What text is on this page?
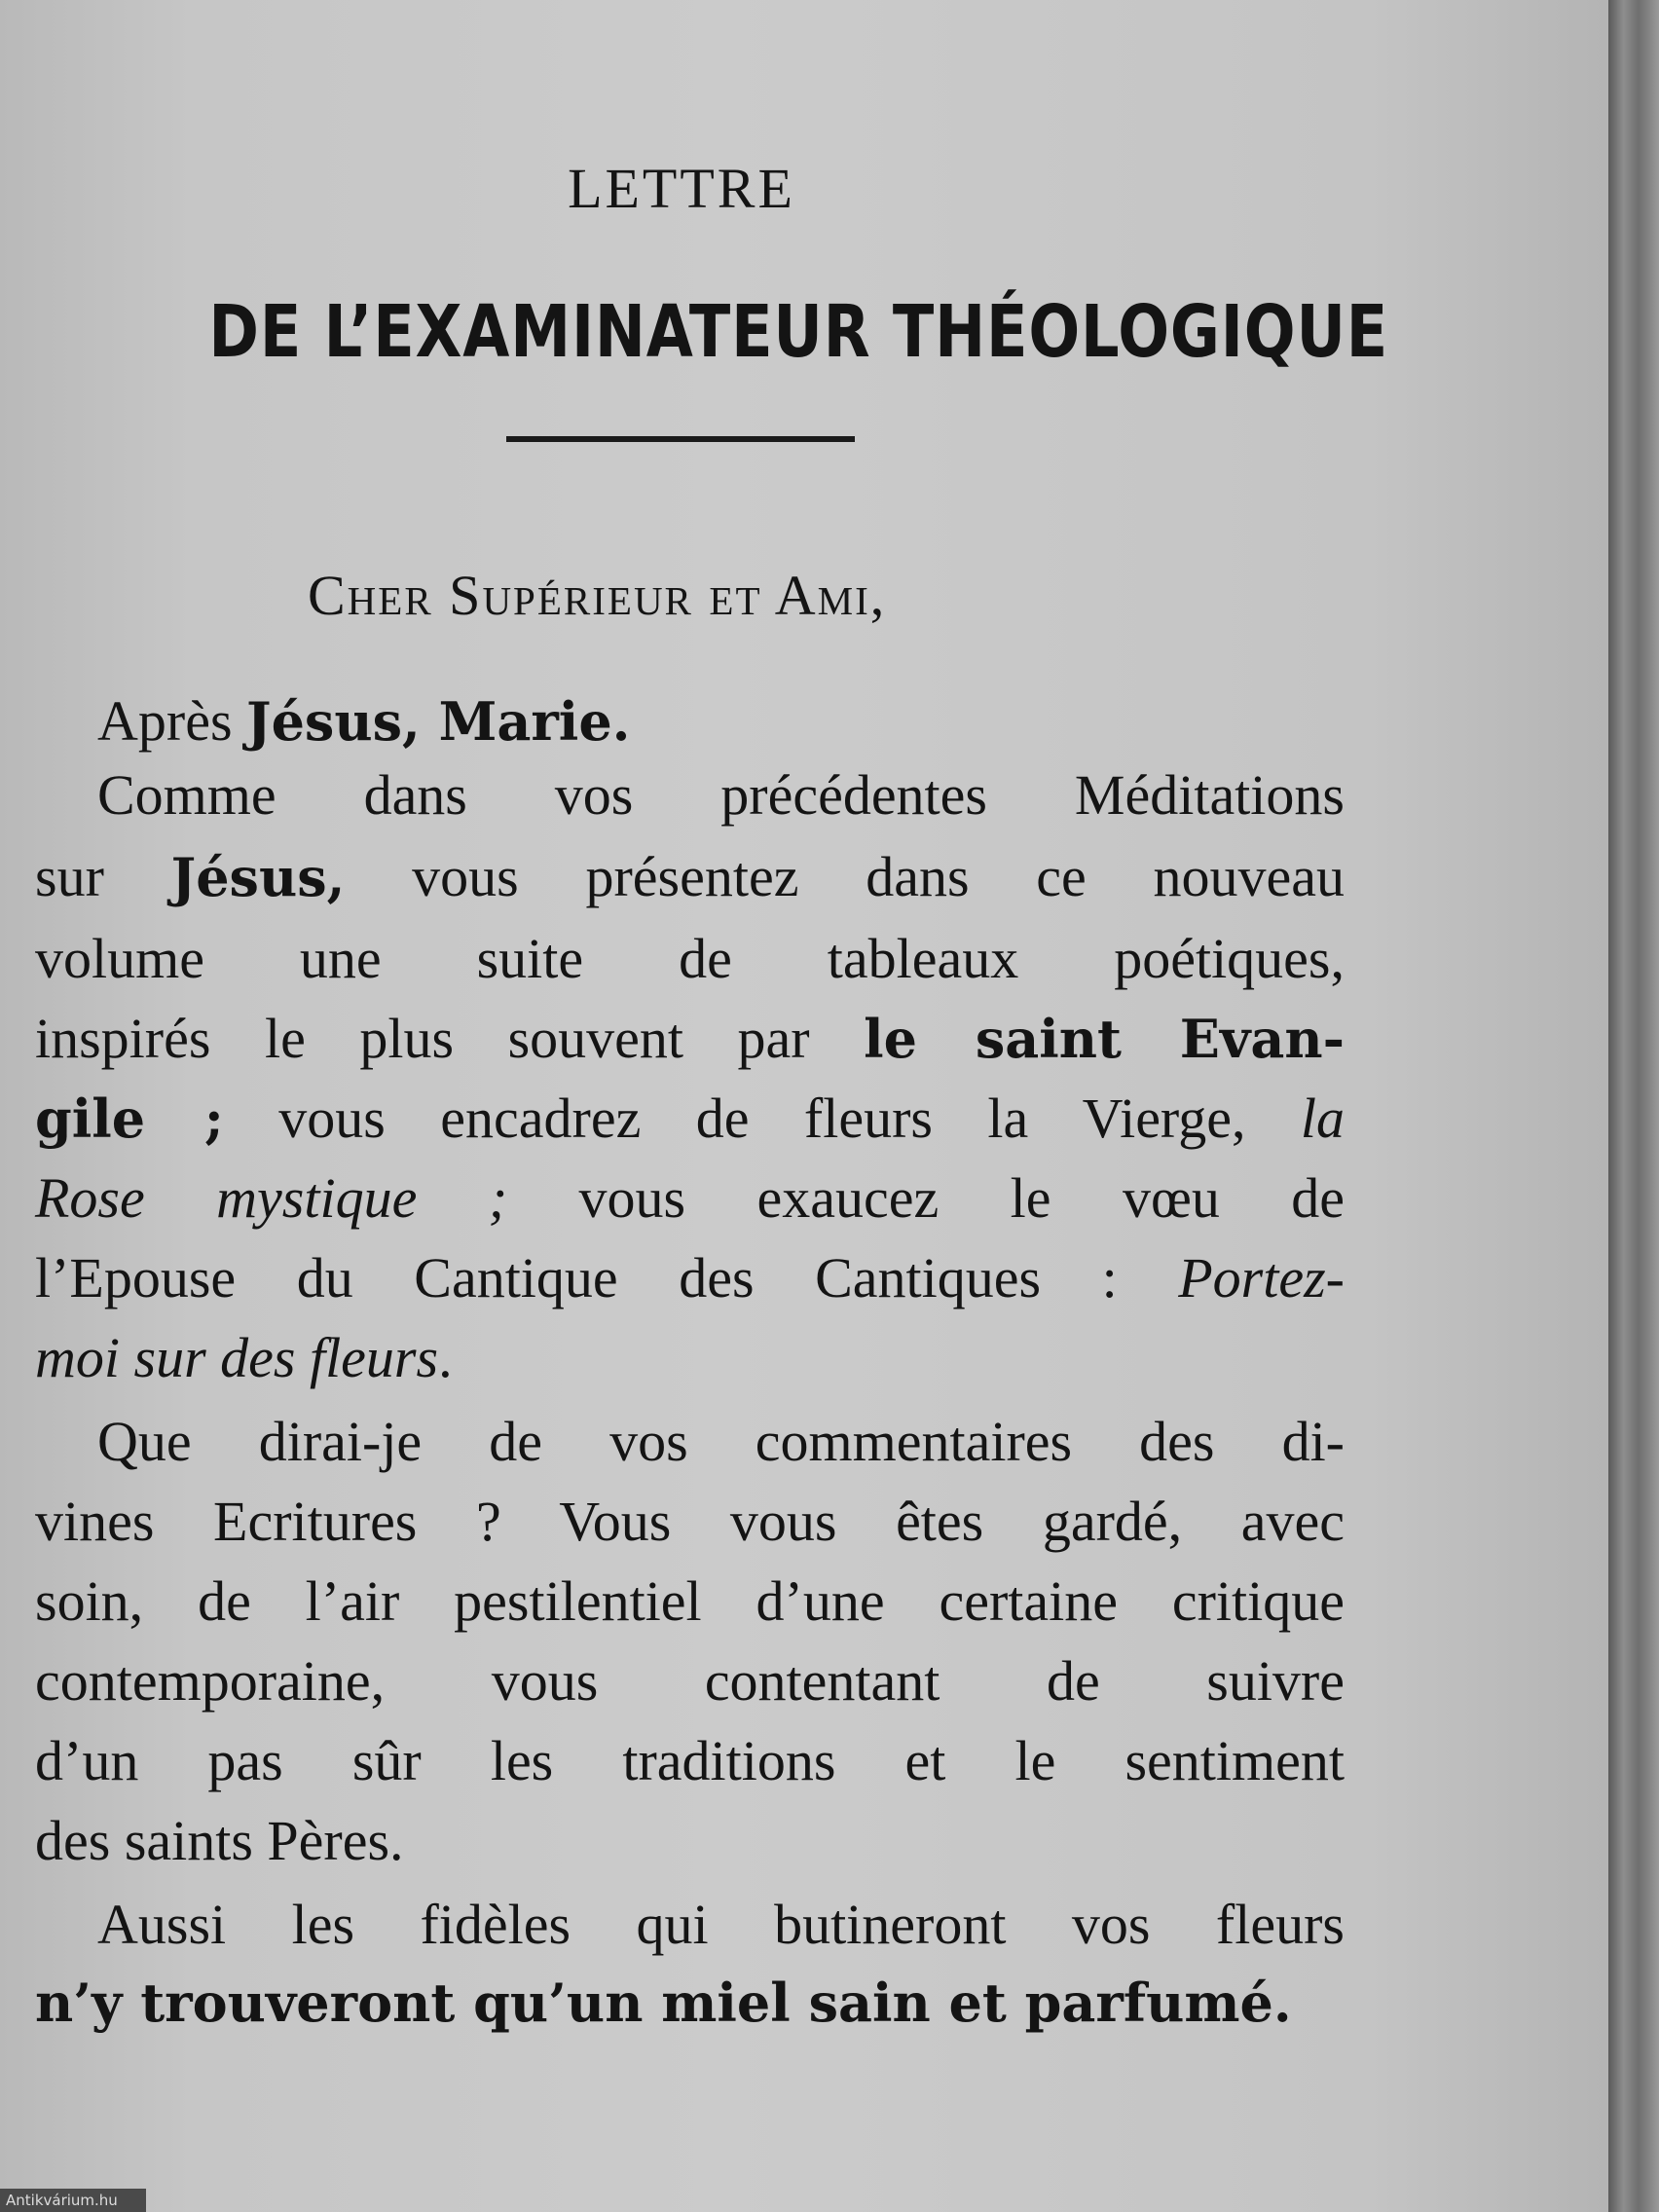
LETTRE
DE L’EXAMINATEUR THÉOLOGIQUE
Cher Supérieur et Ami,
Après Jésus, Marie.
Comme dans vos précédentes Méditations
sur Jésus, vous présentez dans ce nouveau
volume une suite de tableaux poétiques,
inspirés le plus souvent par le saint Evan-
gile ; vous encadrez de fleurs la Vierge, la
Rose mystique ; vous exaucez le vœu de
l’Epouse du Cantique des Cantiques : Portez-
moi sur des fleurs.
Que dirai-je de vos commentaires des di-
vines Ecritures ? Vous vous êtes gardé, avec
soin, de l’air pestilentiel d’une certaine critique
contemporaine, vous contentant de suivre
d’un pas sûr les traditions et le sentiment
des saints Pères.
Aussi les fidèles qui butineront vos fleurs
n’y trouveront qu’un miel sain et parfumé.
Antikvárium.hu
